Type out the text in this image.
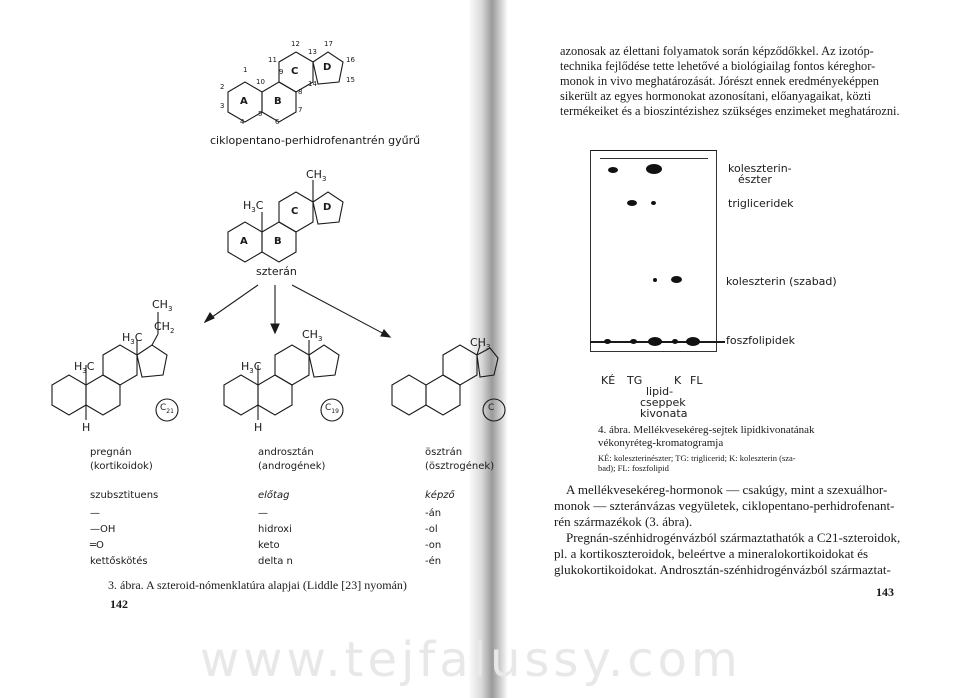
1
2
3
4
5
6
7
8
9
10
11
12
13
14	15
16
17
A	B
C D
ciklopentano-perhidrofenantrén gyűrű
$CH_3$
$H_3C$
A	B
C D
szterán
$CH_3$
$CH_2$
$H_3C$
$H_3C$
H
$C_{21}$
pregnán
(kortikoidok)
$CH_3$
$H_3C$
H
$C_{19}$
androsztán
(androgének)
$CH_3$
C
ösztrán
(ösztrogének)
szubsztituens	előtag	képző
—	—	-án
—OH	hidroxi	-ol
═O	keto	-on
kettőskötés	delta n	-én
3. ábra. A szteroid-nómenklatúra alapjai (Liddle [23] nyomán)
142

azonosak az élettani folyamatok során képződőkkel. Az izotóp-

technika fejlődése tette lehetővé a biológiailag fontos kéreghor-

monok in vivo meghatározását. Jórészt ennek eredményeképpen

sikerült az egyes hormonokat azonosítani, előanyagaikat, közti

termékeiket és a bioszintézishez szükséges enzimeket meghatározni.

koleszterin-
észter
trigliceridek
koleszterin (szabad)
foszfolipidek
KÉ TG	K FL
lipid-
cseppek
kivonata

4. ábra. Mellékvesekéreg-sejtek lipidkivonatának

vékonyréteg-kromatogramja

KÉ: koleszterinészter; TG: triglicerid; K: koleszterin (sza-

bad); FL: foszfolipid

A mellékvesekéreg-hormonok — csakúgy, mint a szexuálhor-

monok — szteránvázas vegyületek, ciklopentano-perhidrofenant-

rén származékok (3. ábra).

Pregnán-szénhidrogénvázból származtathatók a C21-szteroidok,

pl. a kortikoszteroidok, beleértve a mineralokortikoidokat és

glukokortikoidokat. Androsztán-szénhidrogénvázból származtat-

143
www.tejfalussy.com
